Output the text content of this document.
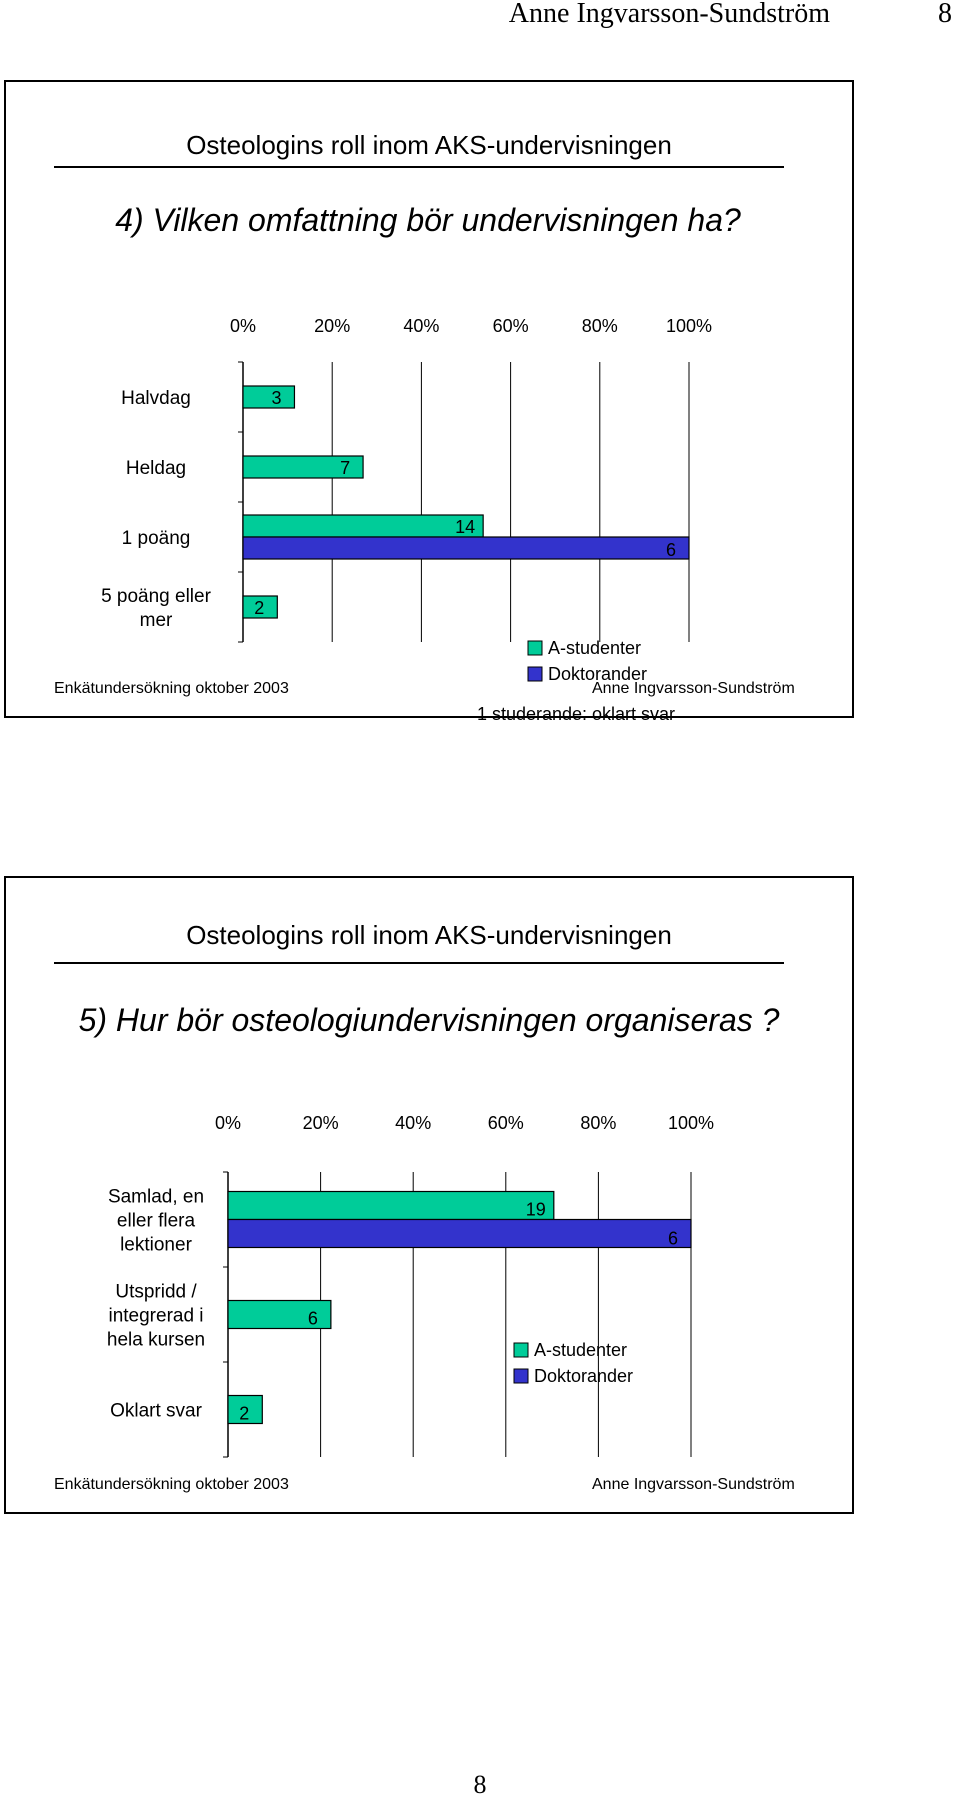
Anne Ingvarsson-Sundström	8
Osteologins roll inom AKS-undervisningen
4) Vilken omfattning bör undervisningen ha?
0%	20%	40%	60%	80%	100%
Halvdag	3
Heldag	7
1 poäng
14
6
5 poäng eller
mer
2
A-studenter
Doktorander
1 studerande: oklart svar
Enkätundersökning oktober 2003	Anne Ingvarsson-Sundström
Osteologins roll inom AKS-undervisningen
5) Hur bör osteologiundervisningen organiseras ?
0%	20%	40%	60%	80%	100%
Samlad, en
eller flera
lektioner
19
6
Utspridd /
integrerad i
hela kursen
6
Oklart svar 2
A-studenter
Doktorander
Enkätundersökning oktober 2003	Anne Ingvarsson-Sundström
8
